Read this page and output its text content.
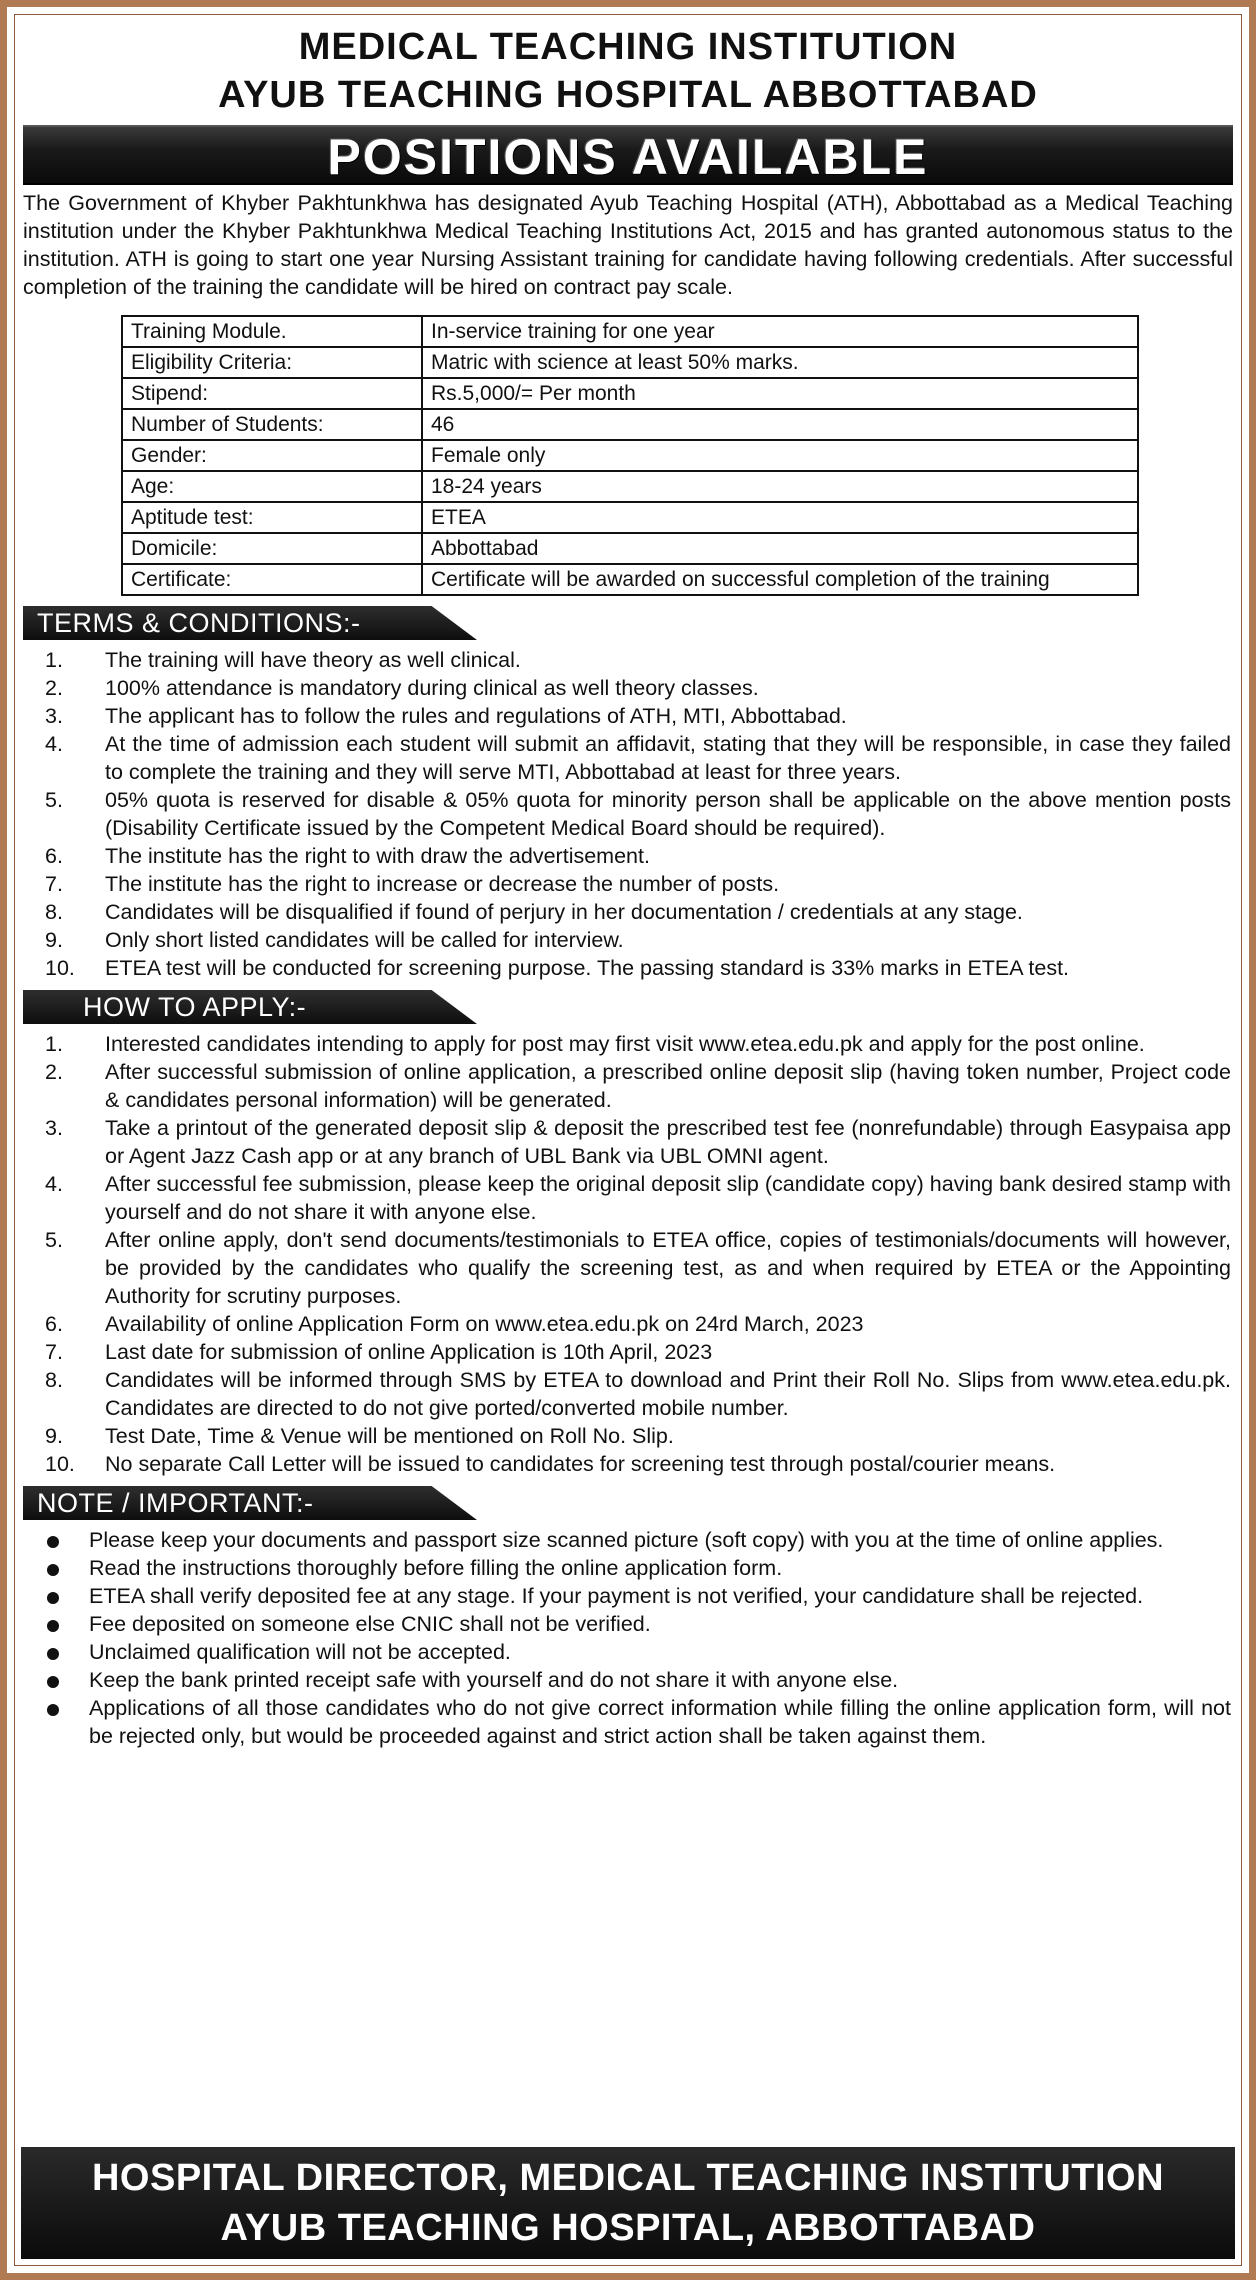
MEDICAL TEACHING INSTITUTION
AYUB TEACHING HOSPITAL ABBOTTABAD
POSITIONS AVAILABLE

The Government of Khyber Pakhtunkhwa has designated Ayub Teaching Hospital (ATH), Abbottabad as a Medical Teaching institution under the Khyber Pakhtunkhwa Medical Teaching Institutions Act, 2015 and has granted autonomous status to the institution. ATH is going to start one year Nursing Assistant training for candidate having following credentials. After successful completion of the training the candidate will be hired on contract pay scale.

Training Module.	In-service training for one year
Eligibility Criteria:	Matric with science at least 50% marks.
Stipend:	Rs.5,000/= Per month
Number of Students:	46
Gender:	Female only
Age:	18-24 years
Aptitude test:	ETEA
Domicile:	Abbottabad
Certificate:	Certificate will be awarded on successful completion of the training
TERMS & CONDITIONS:-
1.	The training will have theory as well clinical.
2.	100% attendance is mandatory during clinical as well theory classes.
3.	The applicant has to follow the rules and regulations of ATH, MTI, Abbottabad.
4.	At the time of admission each student will submit an affidavit, stating that they will be responsible, in case they failed to complete the training and they will serve MTI, Abbottabad at least for three years.
5.	05% quota is reserved for disable & 05% quota for minority person shall be applicable on the above mention posts (Disability Certificate issued by the Competent Medical Board should be required).
6.	The institute has the right to with draw the advertisement.
7.	The institute has the right to increase or decrease the number of posts.
8.	Candidates will be disqualified if found of perjury in her documentation / credentials at any stage.
9.	Only short listed candidates will be called for interview.
10.	ETEA test will be conducted for screening purpose. The passing standard is 33% marks in ETEA test.
HOW TO APPLY:-
1.	Interested candidates intending to apply for post may first visit www.etea.edu.pk and apply for the post online.
2.	After successful submission of online application, a prescribed online deposit slip (having token number, Project code & candidates personal information) will be generated.
3.	Take a printout of the generated deposit slip & deposit the prescribed test fee (nonrefundable) through Easypaisa app or Agent Jazz Cash app or at any branch of UBL Bank via UBL OMNI agent.
4.	After successful fee submission, please keep the original deposit slip (candidate copy) having bank desired stamp with yourself and do not share it with anyone else.
5.	After online apply, don't send documents/testimonials to ETEA office, copies of testimonials/documents will however, be provided by the candidates who qualify the screening test, as and when required by ETEA or the Appointing Authority for scrutiny purposes.
6.	Availability of online Application Form on www.etea.edu.pk on 24rd March, 2023
7.	Last date for submission of online Application is 10th April, 2023
8.	Candidates will be informed through SMS by ETEA to download and Print their Roll No. Slips from www.etea.edu.pk. Candidates are directed to do not give ported/converted mobile number.
9.	Test Date, Time & Venue will be mentioned on Roll No. Slip.
10.	No separate Call Letter will be issued to candidates for screening test through postal/courier means.
NOTE / IMPORTANT:-
Please keep your documents and passport size scanned picture (soft copy) with you at the time of online applies.
Read the instructions thoroughly before filling the online application form.
ETEA shall verify deposited fee at any stage. If your payment is not verified, your candidature shall be rejected.
Fee deposited on someone else CNIC shall not be verified.
Unclaimed qualification will not be accepted.
Keep the bank printed receipt safe with yourself and do not share it with anyone else.
Applications of all those candidates who do not give correct information while filling the online application form, will not be rejected only, but would be proceeded against and strict action shall be taken against them.
HOSPITAL DIRECTOR, MEDICAL TEACHING INSTITUTION
AYUB TEACHING HOSPITAL, ABBOTTABAD
